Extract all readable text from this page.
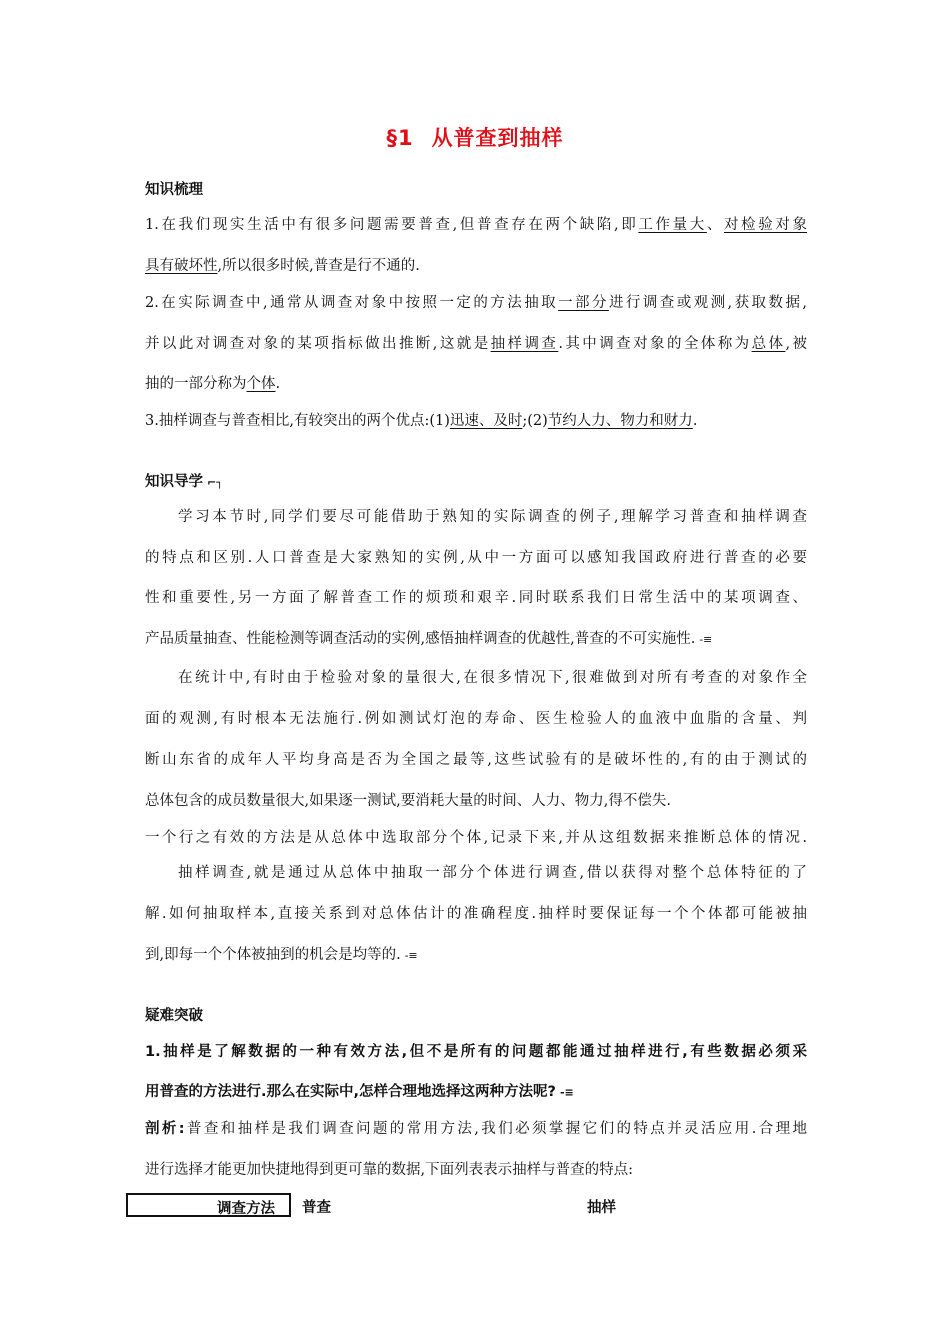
§1 从普查到抽样
知识梳理
1.在我们现实生活中有很多问题需要普查,但普查存在两个缺陷,即工作量大、对检验对象
具有破坏性,所以很多时候,普查是行不通的.
2.在实际调查中,通常从调查对象中按照一定的方法抽取一部分进行调查或观测,获取数据,
并以此对调查对象的某项指标做出推断,这就是抽样调查.其中调查对象的全体称为总体,被
抽的一部分称为个体.
3.抽样调查与普查相比,有较突出的两个优点:(1)迅速、及时;(2)节约人力、物力和财力.
知识导学 ⌐┐
学习本节时,同学们要尽可能借助于熟知的实际调查的例子,理解学习普查和抽样调查
的特点和区别.人口普查是大家熟知的实例,从中一方面可以感知我国政府进行普查的必要
性和重要性,另一方面了解普查工作的烦琐和艰辛.同时联系我们日常生活中的某项调查、
产品质量抽查、性能检测等调查活动的实例,感悟抽样调查的优越性,普查的不可实施性. -≡
在统计中,有时由于检验对象的量很大,在很多情况下,很难做到对所有考查的对象作全
面的观测,有时根本无法施行.例如测试灯泡的寿命、医生检验人的血液中血脂的含量、判
断山东省的成年人平均身高是否为全国之最等,这些试验有的是破坏性的,有的由于测试的
总体包含的成员数量很大,如果逐一测试,要消耗大量的时间、人力、物力,得不偿失.
一个行之有效的方法是从总体中选取部分个体,记录下来,并从这组数据来推断总体的情况.
抽样调查,就是通过从总体中抽取一部分个体进行调查,借以获得对整个总体特征的了
解.如何抽取样本,直接关系到对总体估计的准确程度.抽样时要保证每一个个体都可能被抽
到,即每一个个体被抽到的机会是均等的. -≡
疑难突破
1.抽样是了解数据的一种有效方法,但不是所有的问题都能通过抽样进行,有些数据必须采
用普查的方法进行.那么在实际中,怎样合理地选择这两种方法呢? -≡
剖析:普查和抽样是我们调查问题的常用方法,我们必须掌握它们的特点并灵活应用.合理地
进行选择才能更加快捷地得到更可靠的数据,下面列表表示抽样与普查的特点:
调查方法 普查	抽样
